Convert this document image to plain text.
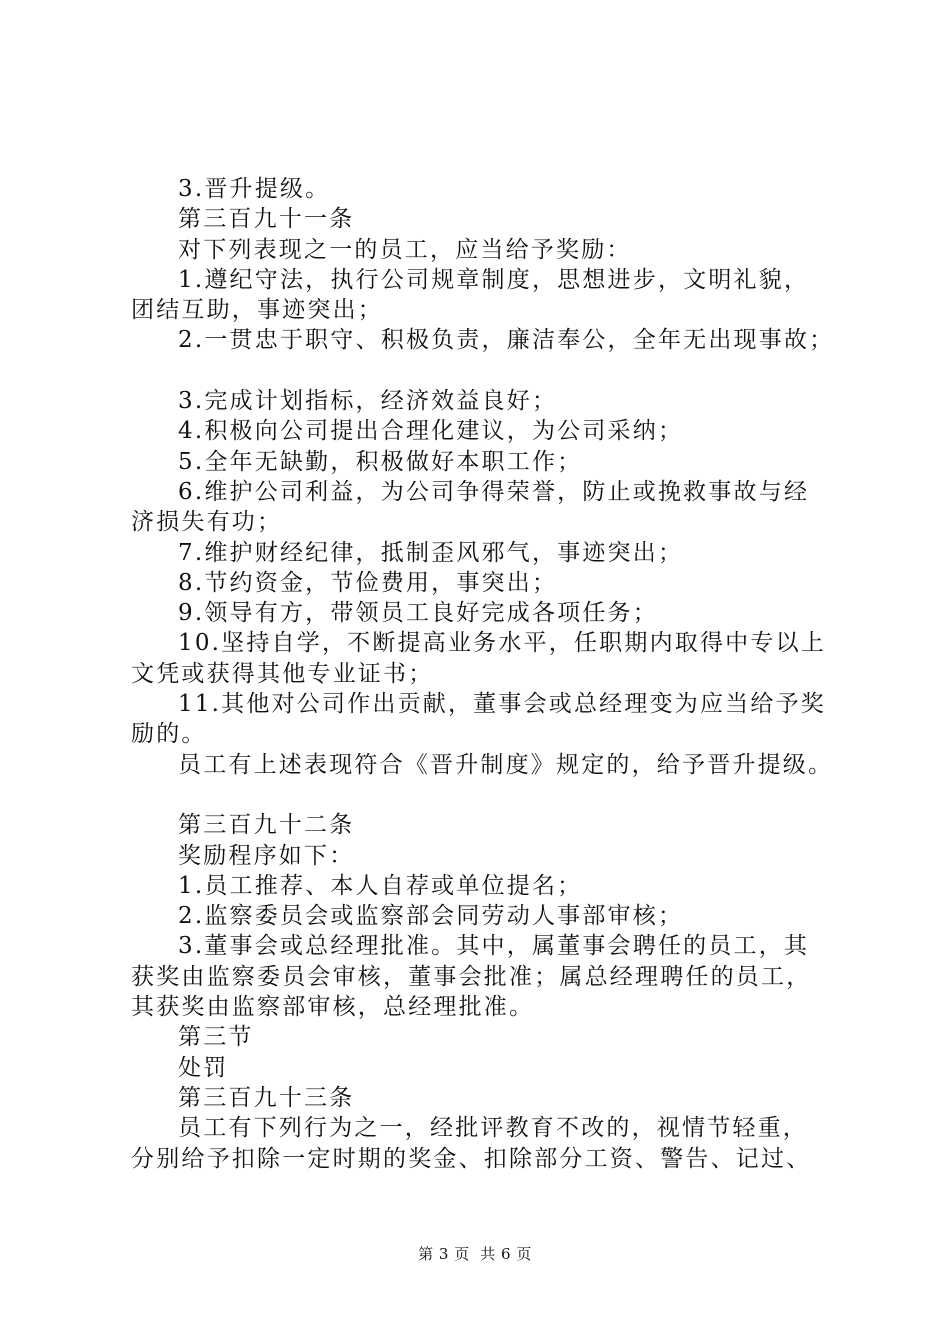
3.晋升提级。
第三百九十一条
对下列表现之一的员工，应当给予奖励：
1.遵纪守法，执行公司规章制度，思想进步，文明礼貌，
团结互助，事迹突出；
2.一贯忠于职守、积极负责，廉洁奉公，全年无出现事故；
3.完成计划指标，经济效益良好；
4.积极向公司提出合理化建议，为公司采纳；
5.全年无缺勤，积极做好本职工作；
6.维护公司利益，为公司争得荣誉，防止或挽救事故与经
济损失有功；
7.维护财经纪律，抵制歪风邪气，事迹突出；
8.节约资金，节俭费用，事突出；
9.领导有方，带领员工良好完成各项任务；
10.坚持自学，不断提高业务水平，任职期内取得中专以上
文凭或获得其他专业证书；
11.其他对公司作出贡献，董事会或总经理变为应当给予奖
励的。
员工有上述表现符合《晋升制度》规定的，给予晋升提级。
第三百九十二条
奖励程序如下：
1.员工推荐、本人自荐或单位提名；
2.监察委员会或监察部会同劳动人事部审核；
3.董事会或总经理批准。其中，属董事会聘任的员工，其
获奖由监察委员会审核，董事会批准；属总经理聘任的员工，
其获奖由监察部审核，总经理批准。
第三节
处罚
第三百九十三条
员工有下列行为之一，经批评教育不改的，视情节轻重，
分别给予扣除一定时期的奖金、扣除部分工资、警告、记过、
第 3 页  共 6 页
